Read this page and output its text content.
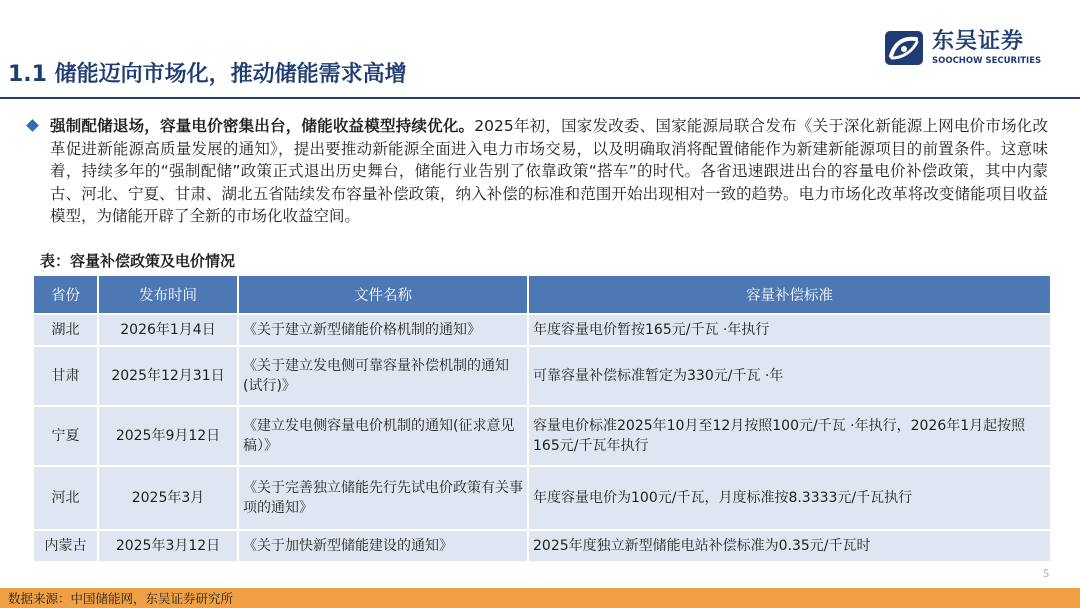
1.1 储能迈向市场化，推动储能需求高增
东吴证券
SOOCHOW SECURITIES
强制配储退场，容量电价密集出台，储能收益模型持续优化。2025年初，国家发改委、国家能源局联合发布《关于深化新能源上网电价市场化改革促进新能源高质量发展的通知》，提出要推动新能源全面进入电力市场交易，以及明确取消将配置储能作为新建新能源项目的前置条件。这意味着，持续多年的“强制配储”政策正式退出历史舞台，储能行业告别了依靠政策“搭车”的时代。各省迅速跟进出台的容量电价补偿政策，其中内蒙古、河北、宁夏、甘肃、湖北五省陆续发布容量补偿政策，纳入补偿的标准和范围开始出现相对一致的趋势。电力市场化改革将改变储能项目收益模型，为储能开辟了全新的市场化收益空间。
表：容量补偿政策及电价情况
省份	发布时间	文件名称	容量补偿标准
湖北	2026年1月4日	《关于建立新型储能价格机制的通知》	年度容量电价暂按165元/千瓦 ·年执行
甘肃	2025年12月31日	《关于建立发电侧可靠容量补偿机制的通知(试行)》	可靠容量补偿标准暂定为330元/千瓦 ·年
宁夏	2025年9月12日	《建立发电侧容量电价机制的通知(征求意见稿）》	容量电价标准2025年10月至12月按照100元/千瓦 ·年执行，2026年1月起按照165元/千瓦年执行
河北	2025年3月	《关于完善独立储能先行先试电价政策有关事项的通知》	年度容量电价为100元/千瓦，月度标准按8.3333元/千瓦执行
内蒙古	2025年3月12日	《关于加快新型储能建设的通知》	2025年度独立新型储能电站补偿标准为0.35元/千瓦时
5
数据来源：中国储能网，东吴证券研究所
